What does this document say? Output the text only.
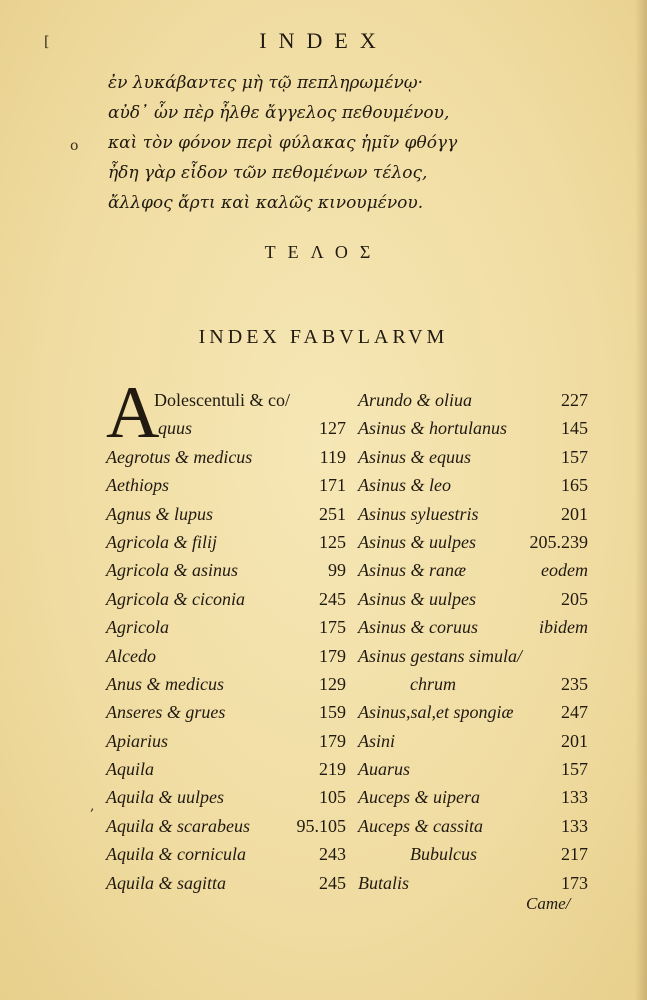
[
o
,
INDEX
ἐν λυκάβαντες μὴ τῷ πεπληρωμένῳ·
αὐδ᾽ ὧν πὲρ ἦλθε ἄγγελος πεθουμένου,
καὶ τὸν φόνον περὶ φύλακας ἡμῖν φθόγγ
ἦδη γὰρ εἶδον τῶν πεθομένων τέλος,
ἄλλφος ἄρτι καὶ καλῶς κινουμένου.
ΤΕΛΟΣ
INDEX FABVLARVM
A
Dolescentuli & co/
quus	127
Aegrotus & medicus	119
Aethiops	171
Agnus & lupus	251
Agricola & filij	125
Agricola & asinus	99
Agricola & ciconia	245
Agricola	175
Alcedo	179
Anus & medicus	129
Anseres & grues	159
Apiarius	179
Aquila	219
Aquila & uulpes	105
Aquila & scarabeus	95.105
Aquila & cornicula	243
Aquila & sagitta	245
Arundo & oliua	227
Asinus & hortulanus	145
Asinus & equus	157
Asinus & leo	165
Asinus syluestris	201
Asinus & uulpes	205.239
Asinus & ranæ	eodem
Asinus & uulpes	205
Asinus & coruus	ibidem
Asinus gestans simula/
chrum	235
Asinus,sal,et spongiæ	247
Asini	201
Auarus	157
Auceps & uipera	133
Auceps & cassita	133
Bubulcus	217
Butalis	173
Came/
